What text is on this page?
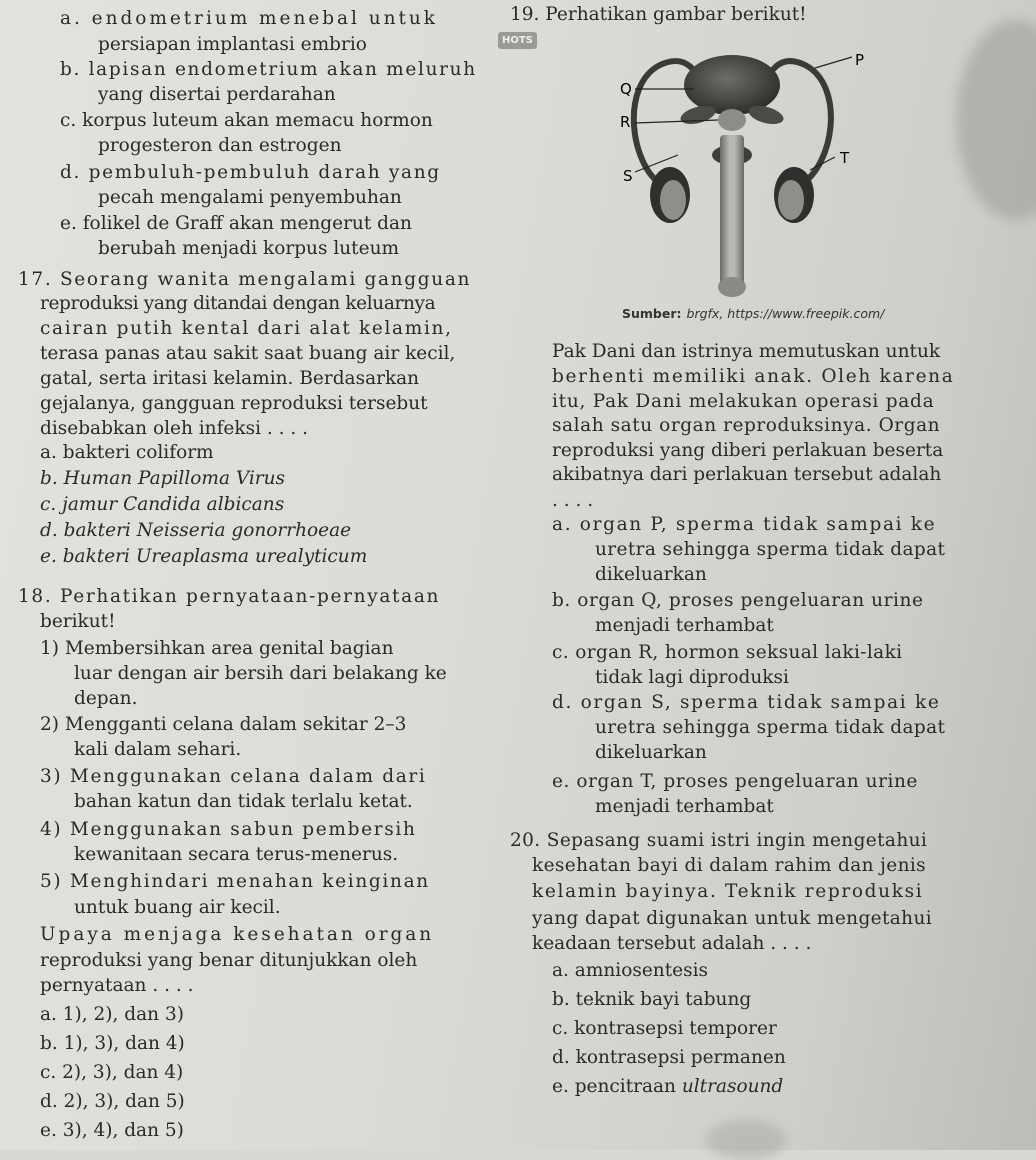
a. endometrium menebal untuk
persiapan implantasi embrio
b. lapisan endometrium akan meluruh
yang disertai perdarahan
c. korpus luteum akan memacu hormon
progesteron dan estrogen
d. pembuluh-pembuluh darah yang
pecah mengalami penyembuhan
e. folikel de Graff akan mengerut dan
berubah menjadi korpus luteum
17. Seorang wanita mengalami gangguan
reproduksi yang ditandai dengan keluarnya
cairan putih kental dari alat kelamin,
terasa panas atau sakit saat buang air kecil,
gatal, serta iritasi kelamin. Berdasarkan
gejalanya, gangguan reproduksi tersebut
disebabkan oleh infeksi . . . .
a. bakteri coliform
b. Human Papilloma Virus
c. jamur Candida albicans
d. bakteri Neisseria gonorrhoeae
e. bakteri Ureaplasma urealyticum
18. Perhatikan pernyataan-pernyataan
berikut!
1) Membersihkan area genital bagian
luar dengan air bersih dari belakang ke
depan.
2) Mengganti celana dalam sekitar 2–3
kali dalam sehari.
3) Menggunakan celana dalam dari
bahan katun dan tidak terlalu ketat.
4) Menggunakan sabun pembersih
kewanitaan secara terus-menerus.
5) Menghindari menahan keinginan
untuk buang air kecil.
Upaya menjaga kesehatan organ
reproduksi yang benar ditunjukkan oleh
pernyataan . . . .
a. 1), 2), dan 3)
b. 1), 3), dan 4)
c. 2), 3), dan 4)
d. 2), 3), dan 5)
e. 3), 4), dan 5)
19. Perhatikan gambar berikut!
HOTS
P
Q
R
S
T
Sumber: brgfx, https://www.freepik.com/
Pak Dani dan istrinya memutuskan untuk
berhenti memiliki anak. Oleh karena
itu, Pak Dani melakukan operasi pada
salah satu organ reproduksinya. Organ
reproduksi yang diberi perlakuan beserta
akibatnya dari perlakuan tersebut adalah
. . . .
a. organ P, sperma tidak sampai ke
uretra sehingga sperma tidak dapat
dikeluarkan
b. organ Q, proses pengeluaran urine
menjadi terhambat
c. organ R, hormon seksual laki-laki
tidak lagi diproduksi
d. organ S, sperma tidak sampai ke
uretra sehingga sperma tidak dapat
dikeluarkan
e. organ T, proses pengeluaran urine
menjadi terhambat
20. Sepasang suami istri ingin mengetahui
kesehatan bayi di dalam rahim dan jenis
kelamin bayinya. Teknik reproduksi
yang dapat digunakan untuk mengetahui
keadaan tersebut adalah . . . .
a. amniosentesis
b. teknik bayi tabung
c. kontrasepsi temporer
d. kontrasepsi permanen
e. pencitraan ultrasound
